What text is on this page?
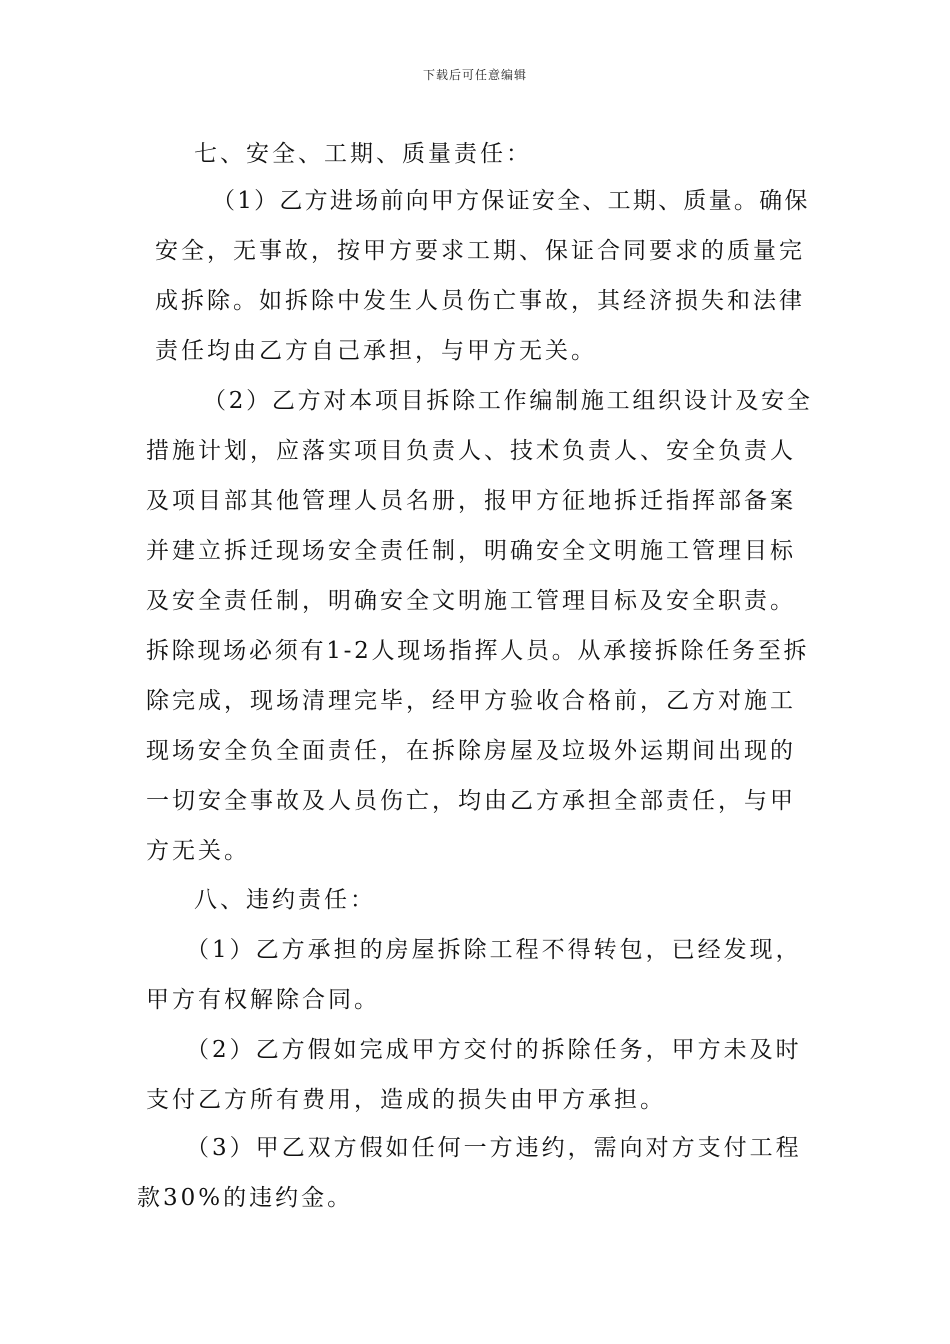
下载后可任意编辑
七、安全、工期、质量责任：
（1）乙方进场前向甲方保证安全、工期、质量。确保
安全，无事故，按甲方要求工期、保证合同要求的质量完
成拆除。如拆除中发生人员伤亡事故，其经济损失和法律
责任均由乙方自己承担，与甲方无关。
（2）乙方对本项目拆除工作编制施工组织设计及安全
措施计划，应落实项目负责人、技术负责人、安全负责人
及项目部其他管理人员名册，报甲方征地拆迁指挥部备案
并建立拆迁现场安全责任制，明确安全文明施工管理目标
及安全责任制，明确安全文明施工管理目标及安全职责。
拆除现场必须有1-2人现场指挥人员。从承接拆除任务至拆
除完成，现场清理完毕，经甲方验收合格前，乙方对施工
现场安全负全面责任，在拆除房屋及垃圾外运期间出现的
一切安全事故及人员伤亡，均由乙方承担全部责任，与甲
方无关。
八、违约责任：
（1）乙方承担的房屋拆除工程不得转包，已经发现，
甲方有权解除合同。
（2）乙方假如完成甲方交付的拆除任务，甲方未及时
支付乙方所有费用，造成的损失由甲方承担。
（3）甲乙双方假如任何一方违约，需向对方支付工程
款30%的违约金。
